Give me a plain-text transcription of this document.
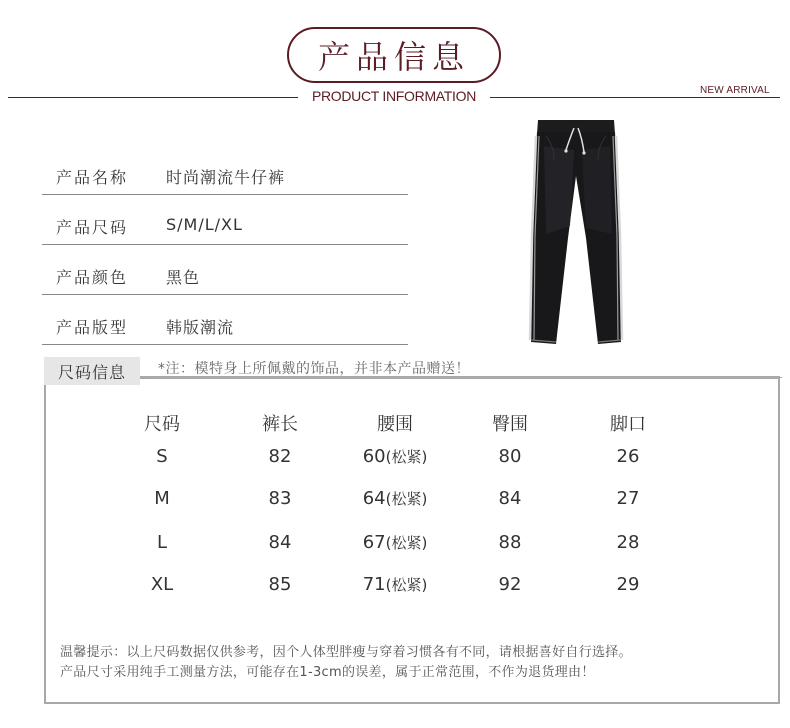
产品信息
PRODUCT INFORMATION	NEW ARRIVAL
产品名称 时尚潮流牛仔裤
产品尺码 S/M/L/XL
产品颜色 黑色
产品版型 韩版潮流
尺码信息	*注：模特身上所佩戴的饰品，并非本产品赠送！
尺码	裤长	腰围	臀围	脚口
S	82	60(松紧)	80	26
M	83	64(松紧)	84	27
L	84	67(松紧)	88	28
XL	85	71(松紧)	92	29
温馨提示：以上尺码数据仅供参考，因个人体型胖瘦与穿着习惯各有不同，请根据喜好自行选择。
产品尺寸采用纯手工测量方法，可能存在1-3cm的误差，属于正常范围，不作为退货理由！
